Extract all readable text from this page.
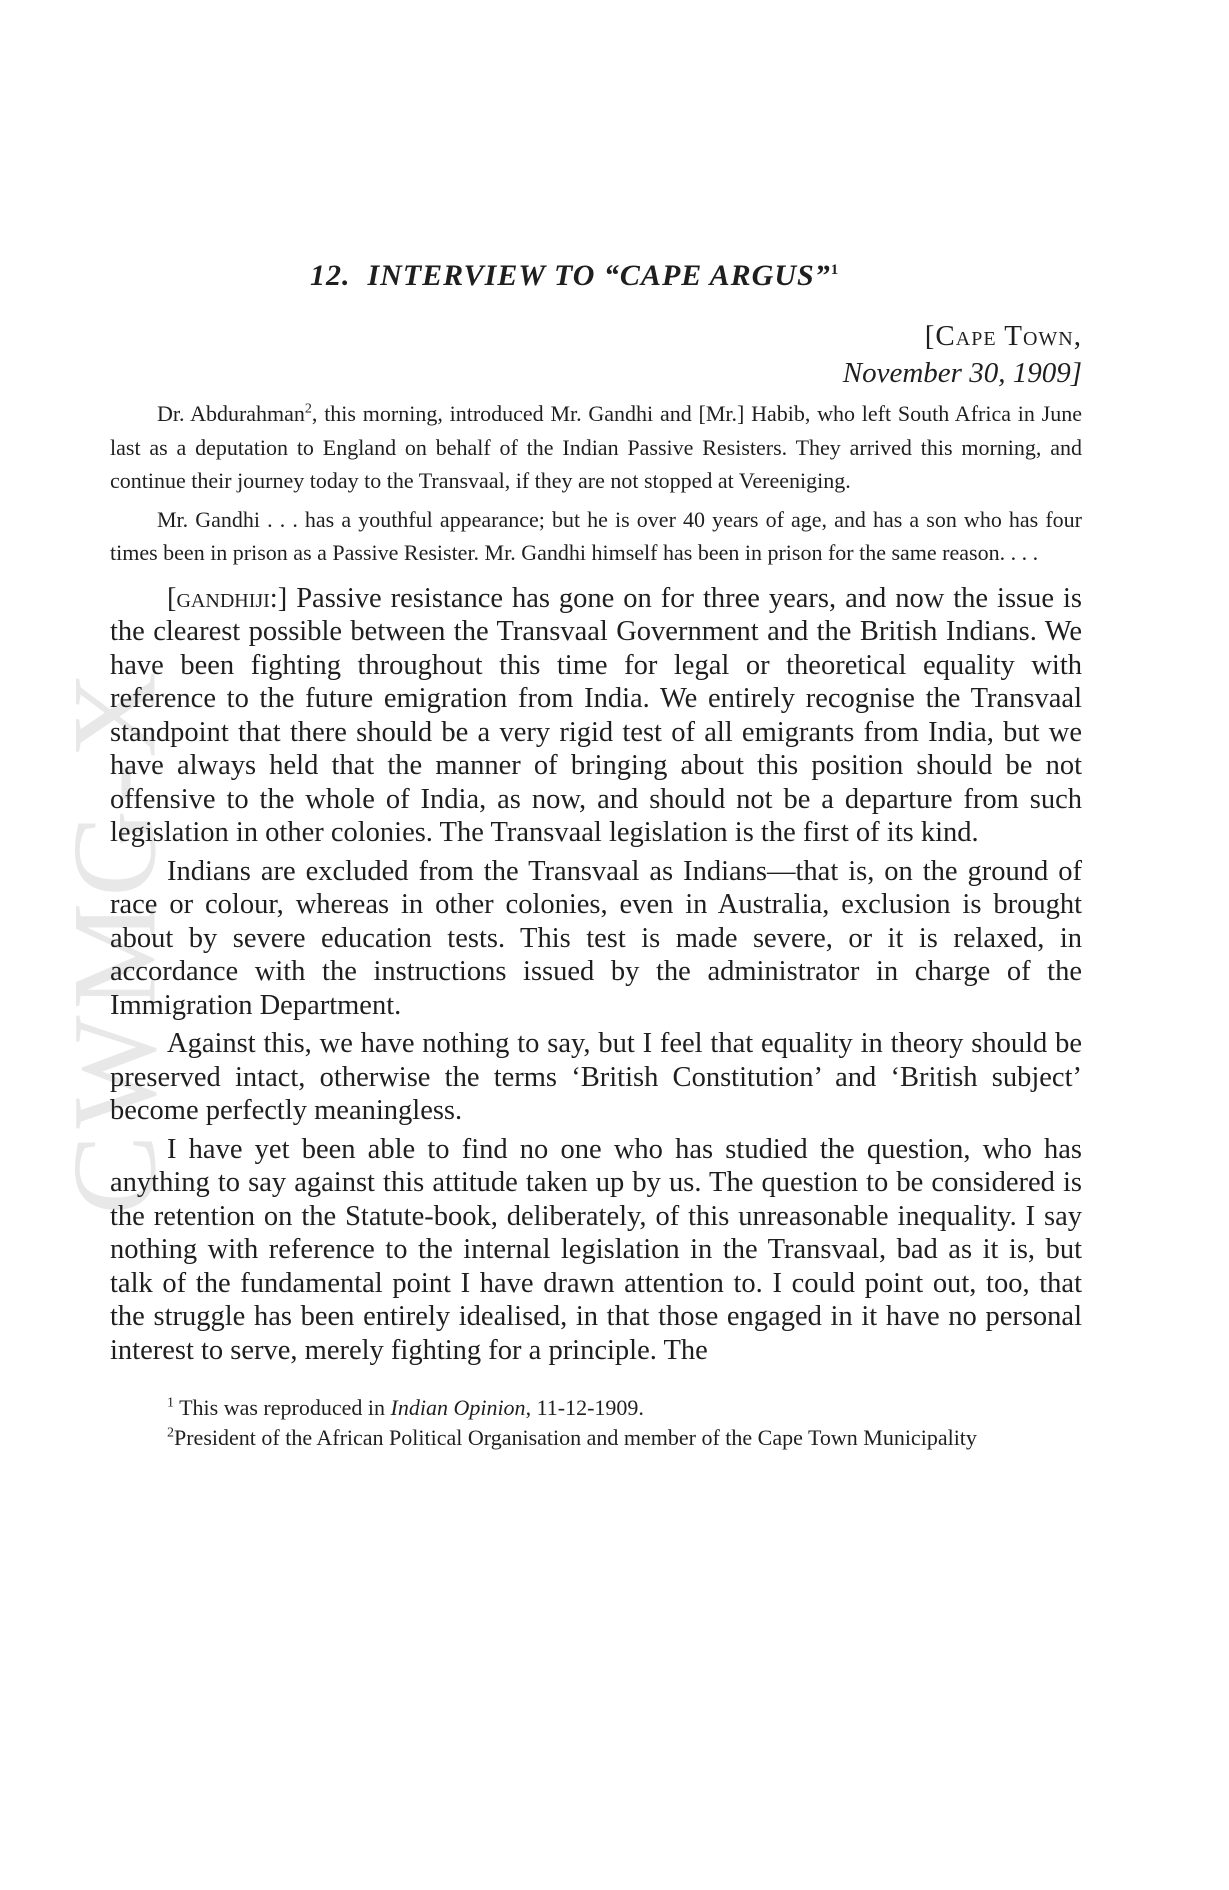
CWMG-X
12. INTERVIEW TO “CAPE ARGUS”$^1$
[Cape Town,
November 30, 1909]

Dr. Abdurahman$^2$, this morning, introduced Mr. Gandhi and [Mr.] Habib, who left South Africa in June last as a deputation to England on behalf of the Indian Passive Resisters. They arrived this morning, and continue their journey today to the Transvaal, if they are not stopped at Vereeniging.

Mr. Gandhi . . . has a youthful appearance; but he is over 40 years of age, and has a son who has four times been in prison as a Passive Resister. Mr. Gandhi himself has been in prison for the same reason. . . .

[gandhiji:] Passive resistance has gone on for three years, and now the issue is the clearest possible between the Transvaal Government and the British Indians. We have been fighting throughout this time for legal or theoretical equality with reference to the future emigration from India. We entirely recognise the Transvaal standpoint that there should be a very rigid test of all emigrants from India, but we have always held that the manner of bringing about this position should be not offensive to the whole of India, as now, and should not be a departure from such legislation in other colonies. The Transvaal legislation is the first of its kind.

Indians are excluded from the Transvaal as Indians—that is, on the ground of race or colour, whereas in other colonies, even in Australia, exclusion is brought about by severe education tests. This test is made severe, or it is relaxed, in accordance with the instructions issued by the administrator in charge of the Immigration Department.

Against this, we have nothing to say, but I feel that equality in theory should be preserved intact, otherwise the terms ‘British Constitution’ and ‘British subject’ become perfectly meaningless.

I have yet been able to find no one who has studied the question, who has anything to say against this attitude taken up by us. The question to be considered is the retention on the Statute-book, deliberately, of this unreasonable inequality. I say nothing with reference to the internal legislation in the Transvaal, bad as it is, but talk of the fundamental point I have drawn attention to. I could point out, too, that the struggle has been entirely idealised, in that those engaged in it have no personal interest to serve, merely fighting for a principle. The

$^1$ This was reproduced in Indian Opinion, 11-12-1909.

$^2$President of the African Political Organisation and member of the Cape Town Municipality
